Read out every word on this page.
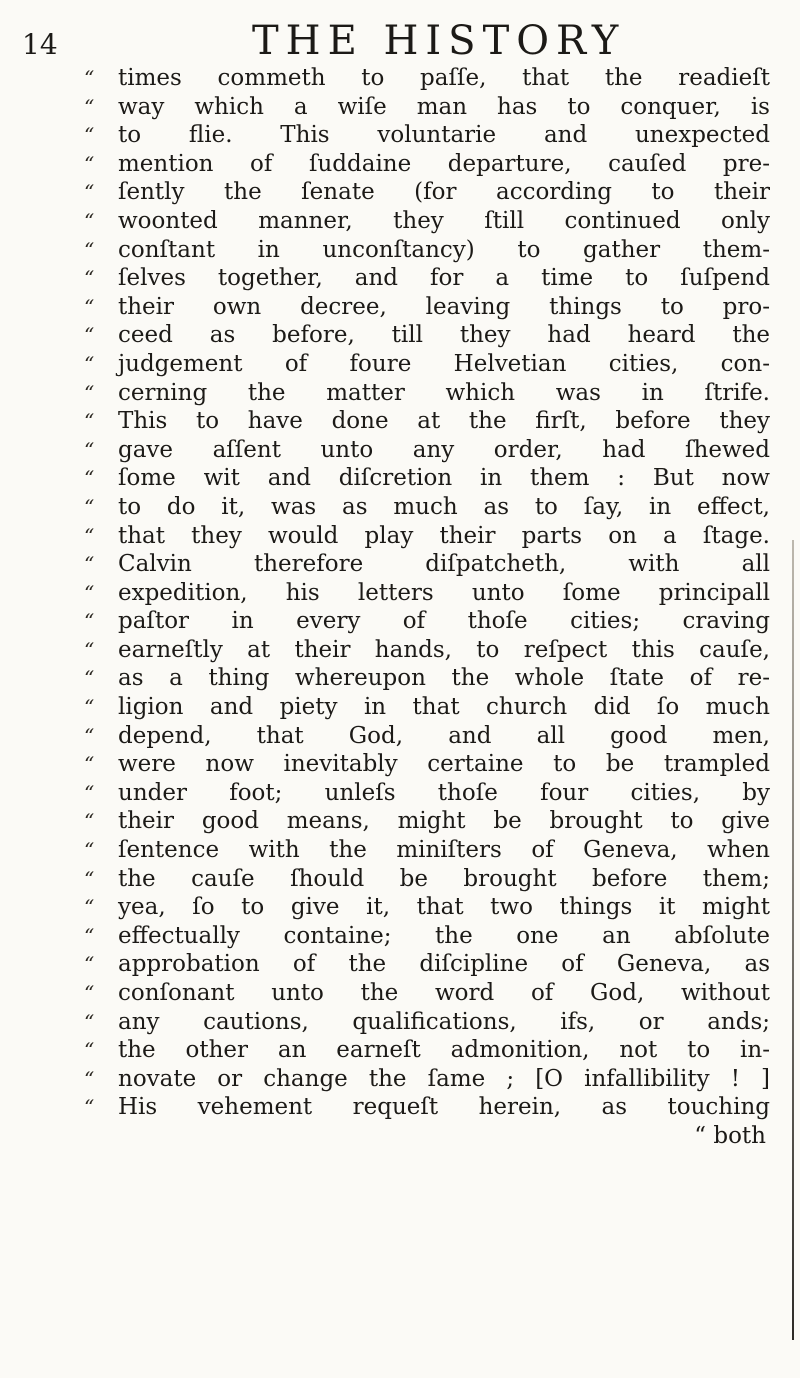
14	THE HISTORY
“ times commeth to paſſe, that the readieſt
“ way which a wiſe man has to conquer, is
“ to flie. This voluntarie and unexpected
“ mention of ſuddaine departure, cauſed pre-
“ ſently the ſenate (for according to their
“ woonted manner, they ſtill continued only
“ conſtant in unconſtancy) to gather them-
“ ſelves together, and for a time to ſuſpend
“ their own decree, leaving things to pro-
“ ceed as before, till they had heard the
“ judgement of foure Helvetian cities, con-
“ cerning the matter which was in ſtrife.
“ This to have done at the firſt, before they
“ gave aſſent unto any order, had ſhewed
“ ſome wit and diſcretion in them : But now
“ to do it, was as much as to ſay, in effect,
“ that they would play their parts on a ſtage.
“ Calvin therefore diſpatcheth, with all
“ expedition, his letters unto ſome principall
“ paſtor in every of thoſe cities; craving
“ earneſtly at their hands, to reſpect this cauſe,
“ as a thing whereupon the whole ſtate of re-
“ ligion and piety in that church did ſo much
“ depend, that God, and all good men,
“ were now inevitably certaine to be trampled
“ under foot; unleſs thoſe four cities, by
“ their good means, might be brought to give
“ ſentence with the miniſters of Geneva, when
“ the cauſe ſhould be brought before them;
“ yea, ſo to give it, that two things it might
“ effectually containe; the one an abſolute
“ approbation of the diſcipline of Geneva, as
“ conſonant unto the word of God, without
“ any cautions, qualifications, ifs, or ands;
“ the other an earneſt admonition, not to in-
“ novate or change the ſame ; [O infallibility ! ]
“ His vehement requeſt herein, as touching
“ both
